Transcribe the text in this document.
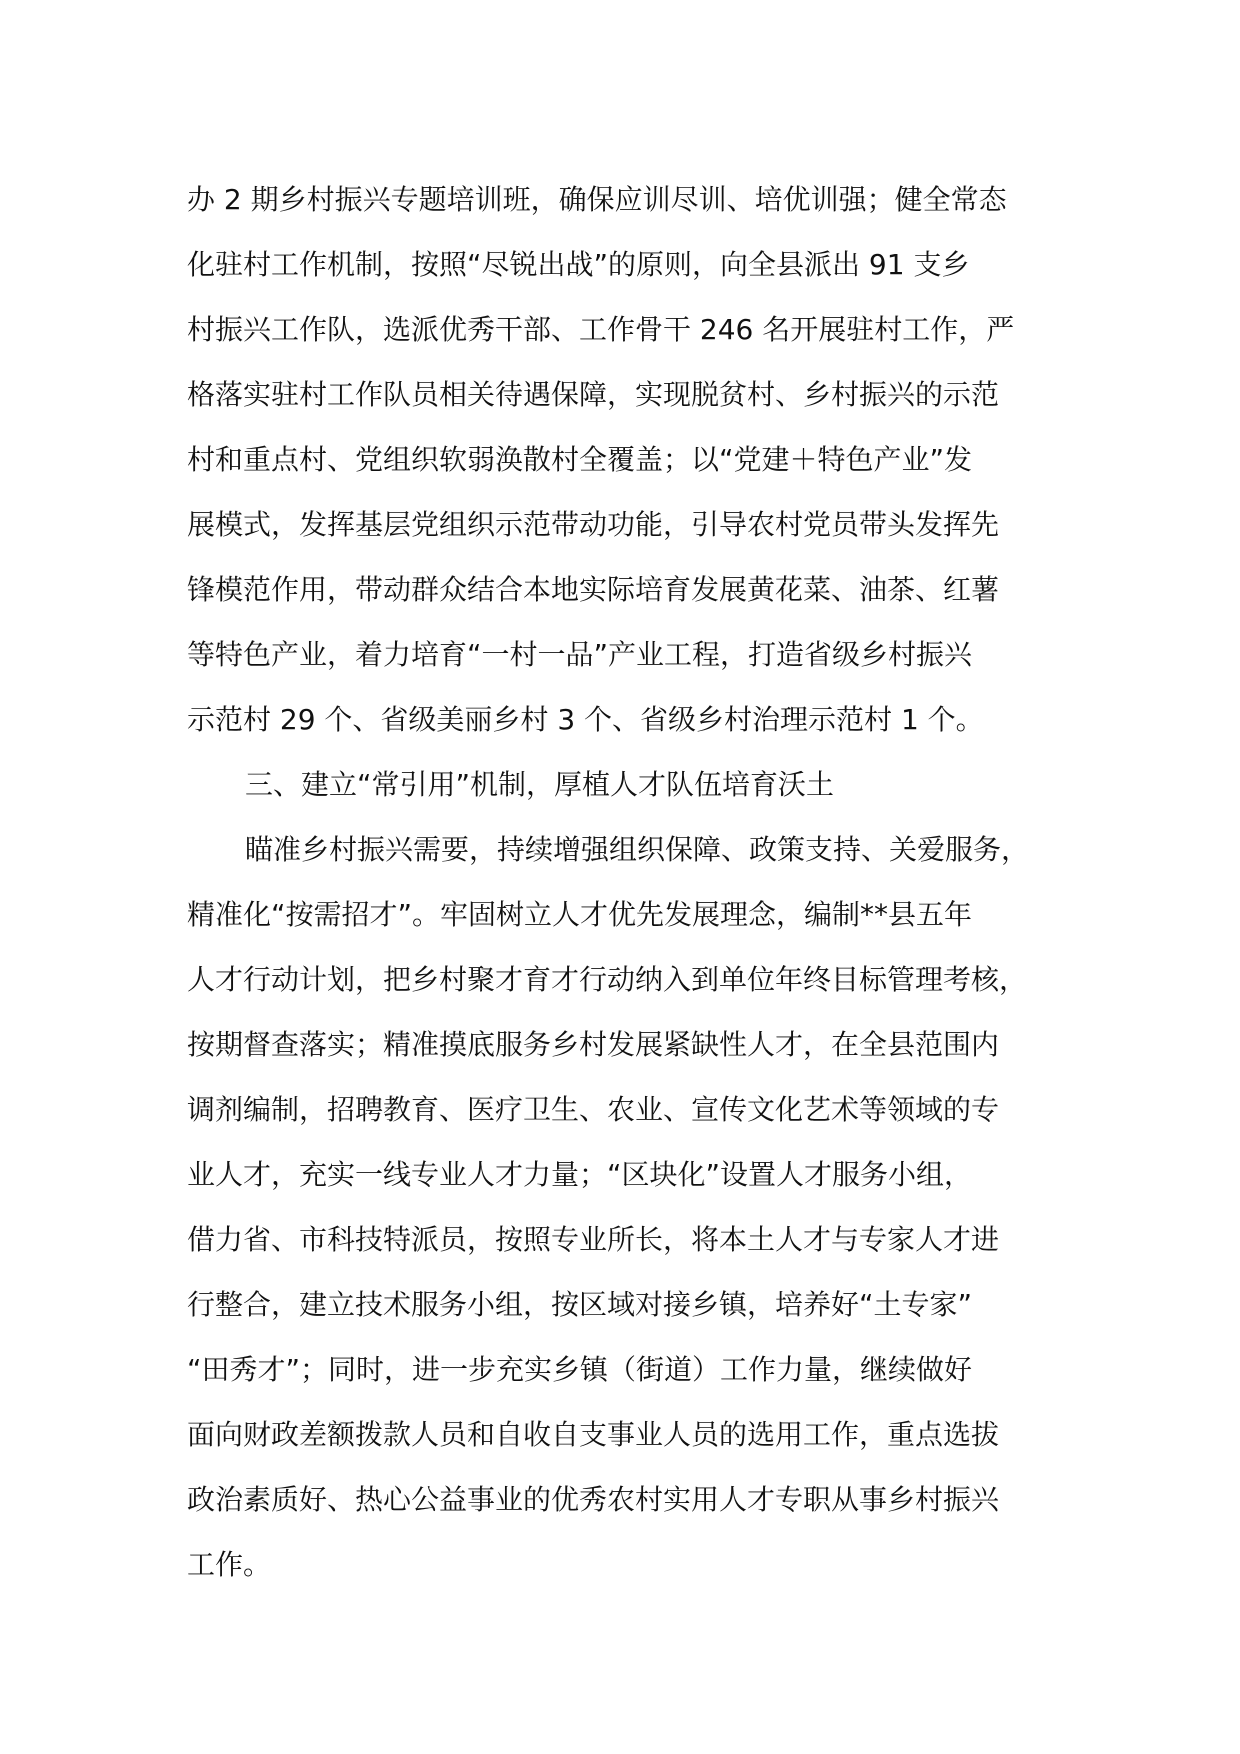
办 2 期乡村振兴专题培训班，确保应训尽训、培优训强；健全常态
化驻村工作机制，按照“尽锐出战”的原则，向全县派出 91 支乡
村振兴工作队，选派优秀干部、工作骨干 246 名开展驻村工作，严
格落实驻村工作队员相关待遇保障，实现脱贫村、乡村振兴的示范
村和重点村、党组织软弱涣散村全覆盖；以“党建＋特色产业”发
展模式，发挥基层党组织示范带动功能，引导农村党员带头发挥先
锋模范作用，带动群众结合本地实际培育发展黄花菜、油茶、红薯
等特色产业，着力培育“一村一品”产业工程，打造省级乡村振兴
示范村 29 个、省级美丽乡村 3 个、省级乡村治理示范村 1 个。
三、建立“常引用”机制，厚植人才队伍培育沃土
瞄准乡村振兴需要，持续增强组织保障、政策支持、关爱服务，
精准化“按需招才”。牢固树立人才优先发展理念，编制**县五年
人才行动计划，把乡村聚才育才行动纳入到单位年终目标管理考核，
按期督查落实；精准摸底服务乡村发展紧缺性人才，在全县范围内
调剂编制，招聘教育、医疗卫生、农业、宣传文化艺术等领域的专
业人才，充实一线专业人才力量；“区块化”设置人才服务小组，
借力省、市科技特派员，按照专业所长，将本土人才与专家人才进
行整合，建立技术服务小组，按区域对接乡镇，培养好“土专家”
“田秀才”；同时，进一步充实乡镇（街道）工作力量，继续做好
面向财政差额拨款人员和自收自支事业人员的选用工作，重点选拔
政治素质好、热心公益事业的优秀农村实用人才专职从事乡村振兴
工作。
